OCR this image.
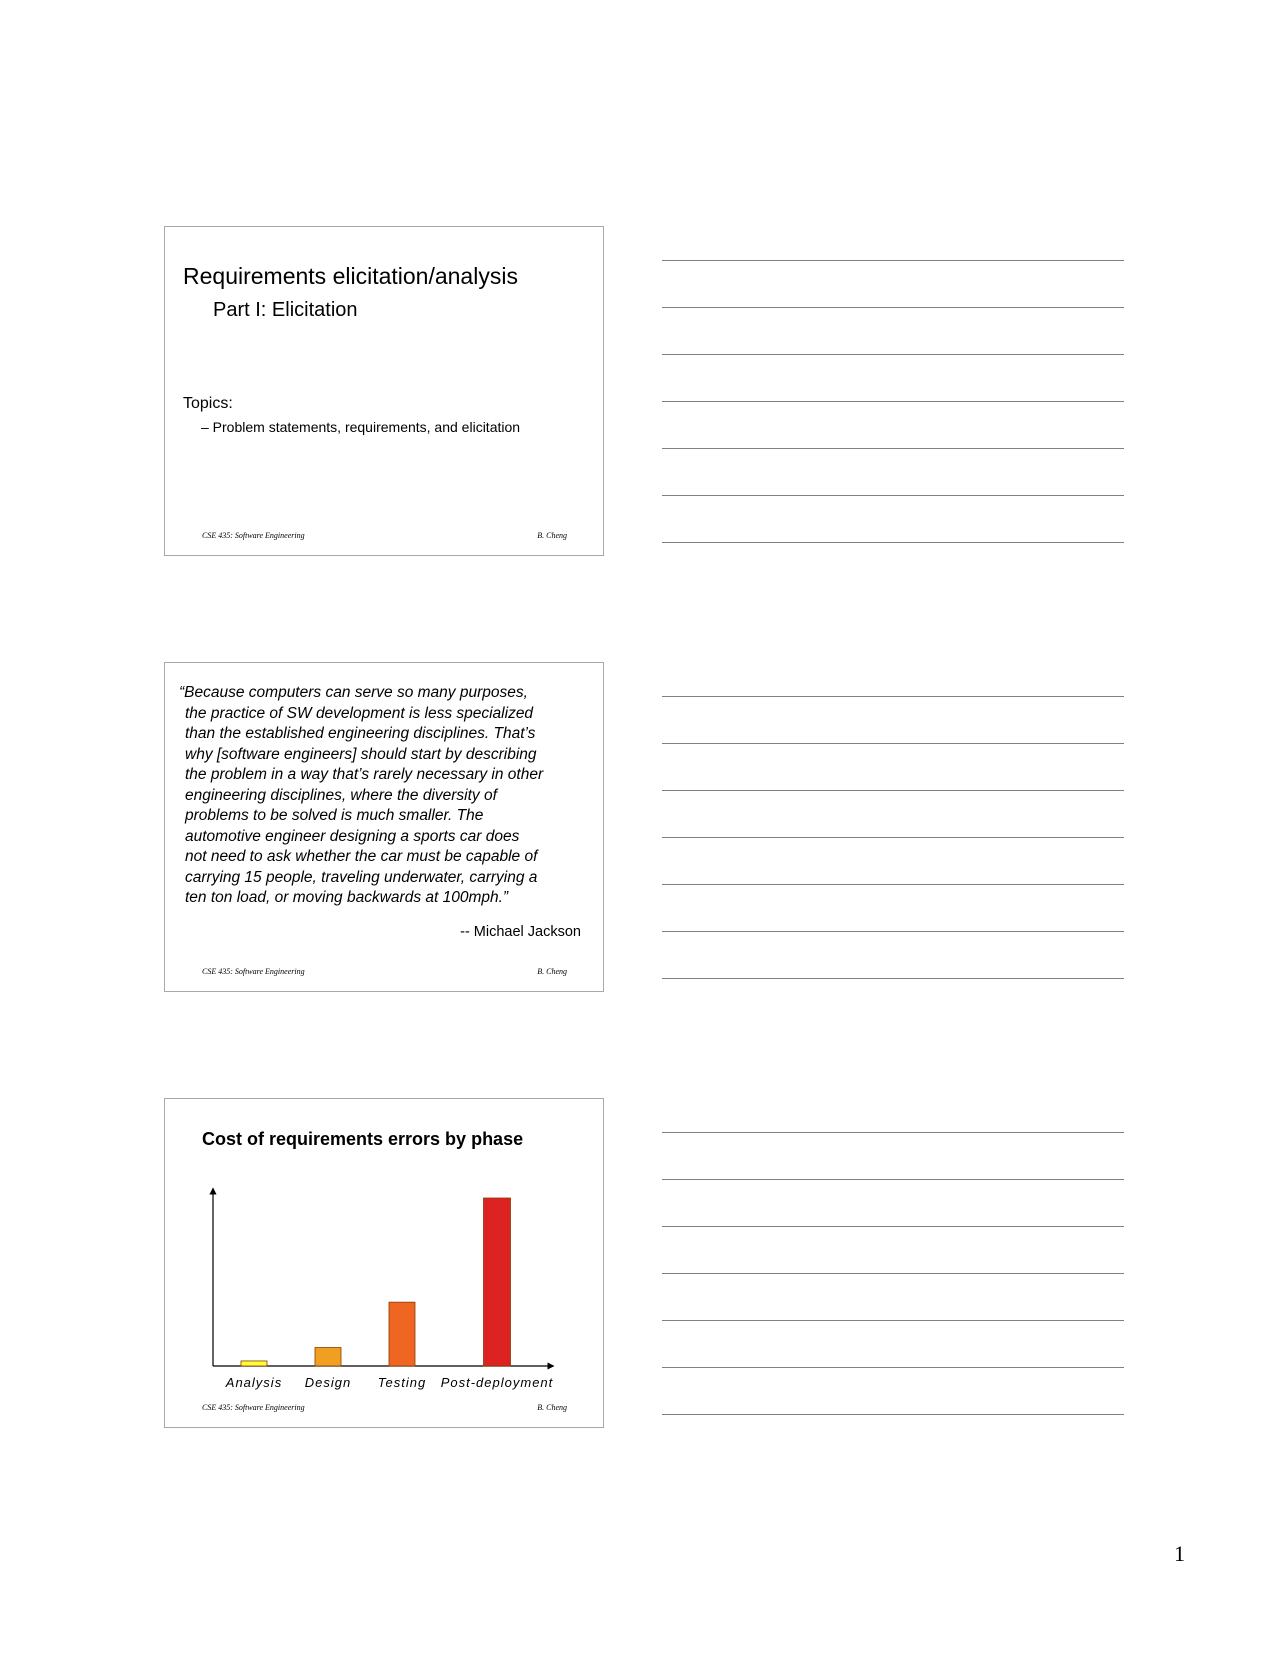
Requirements elicitation/analysis
Part I: Elicitation
Topics:
– Problem statements, requirements, and elicitation
CSE 435: Software Engineering	B. Cheng

“Because computers can serve so many purposes,
the practice of SW development is less specialized
than the established engineering disciplines. That’s
why [software engineers] should start by describing
the problem in a way that’s rarely necessary in other
engineering disciplines, where the diversity of
problems to be solved is much smaller. The
automotive engineer designing a sports car does
not need to ask whether the car must be capable of
carrying 15 people, traveling underwater, carrying a
ten ton load, or moving backwards at 100mph.”

-- Michael Jackson
CSE 435: Software Engineering	B. Cheng
Cost of requirements errors by phase
Analysis Design Testing Post-deployment
CSE 435: Software Engineering	B. Cheng
1
